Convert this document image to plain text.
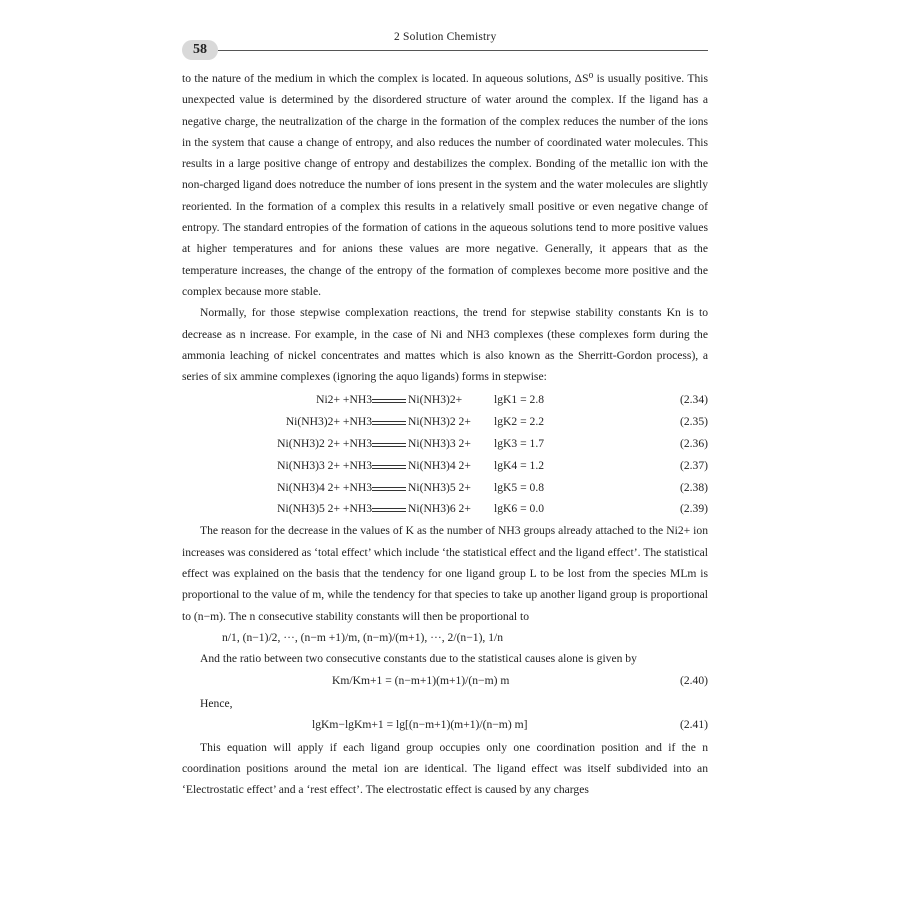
58
2 Solution Chemistry

to the nature of the medium in which the complex is located. In aqueous solutions, ΔS⁰ is usually positive. This unexpected value is determined by the disordered structure of water around the complex. If the ligand has a negative charge, the neutralization of the charge in the formation of the complex reduces the number of the ions in the system that cause a change of entropy, and also reduces the number of coordinated water molecules. This results in a large positive change of entropy and destabilizes the complex. Bonding of the metallic ion with the non-charged ligand does notreduce the number of ions present in the system and the water molecules are slightly reoriented. In the formation of a complex this results in a relatively small positive or even negative change of entropy. The standard entropies of the formation of cations in the aqueous solutions tend to more positive values at higher temperatures and for anions these values are more negative. Generally, it appears that as the temperature increases, the change of the entropy of the formation of complexes become more positive and the complex because more stable.

Normally, for those stepwise complexation reactions, the trend for stepwise stability constants Kn is to decrease as n increase. For example, in the case of Ni and NH3 complexes (these complexes form during the ammonia leaching of nickel concentrates and mattes which is also known as the Sherritt-Gordon process), a series of six ammine complexes (ignoring the aquo ligands) forms in stepwise:

Ni2+ +NH3	Ni(NH3)2+	lgK1 = 2.8	(2.34)
Ni(NH3)2+ +NH3	Ni(NH3)2 2+ lgK2 = 2.2	(2.35)
Ni(NH3)2 2+ +NH3	Ni(NH3)3 2+ lgK3 = 1.7	(2.36)
Ni(NH3)3 2+ +NH3	Ni(NH3)4 2+ lgK4 = 1.2	(2.37)
Ni(NH3)4 2+ +NH3	Ni(NH3)5 2+ lgK5 = 0.8	(2.38)
Ni(NH3)5 2+ +NH3	Ni(NH3)6 2+ lgK6 = 0.0	(2.39)

The reason for the decrease in the values of K as the number of NH3 groups already attached to the Ni2+ ion increases was considered as ‘total effect’ which include ‘the statistical effect and the ligand effect’. The statistical effect was explained on the basis that the tendency for one ligand group L to be lost from the species MLm is proportional to the value of m, while the tendency for that species to take up another ligand group is proportional to (n−m). The n consecutive stability constants will then be proportional to

n/1, (n−1)/2, ···, (n−m +1)/m, (n−m)/(m+1), ···, 2/(n−1), 1/n

And the ratio between two consecutive constants due to the statistical causes alone is given by

Km/Km+1 = (n−m+1)(m+1)/(n−m) m	(2.40)

Hence,

lgKm−lgKm+1 = lg[(n−m+1)(m+1)/(n−m) m]	(2.41)

This equation will apply if each ligand group occupies only one coordination position and if the n coordination positions around the metal ion are identical. The ligand effect was itself subdivided into an ‘Electrostatic effect’ and a ‘rest effect’. The electrostatic effect is caused by any charges
